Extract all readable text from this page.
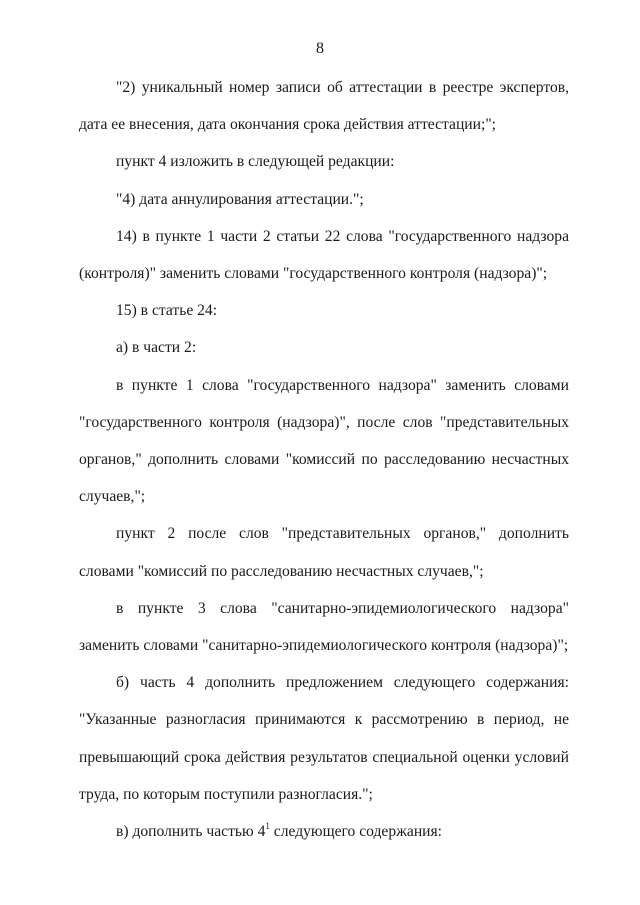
8

"2) уникальный номер записи об аттестации в реестре экспертов, дата ее внесения, дата окончания срока действия аттестации;";

пункт 4 изложить в следующей редакции:

"4) дата аннулирования аттестации.";

14) в пункте 1 части 2 статьи 22 слова "государственного надзора (контроля)" заменить словами "государственного контроля (надзора)";

15) в статье 24:

а) в части 2:

в пункте 1 слова "государственного надзора" заменить словами "государственного контроля (надзора)", после слов "представительных органов," дополнить словами "комиссий по расследованию несчастных случаев,";

пункт 2 после слов "представительных органов," дополнить словами "комиссий по расследованию несчастных случаев,";

в пункте 3 слова "санитарно-эпидемиологического надзора" заменить словами "санитарно-эпидемиологического контроля (надзора)";

б) часть 4 дополнить предложением следующего содержания: "Указанные разногласия принимаются к рассмотрению в период, не превышающий срока действия результатов специальной оценки условий труда, по которым поступили разногласия.";

в) дополнить частью $4^1$ следующего содержания:
